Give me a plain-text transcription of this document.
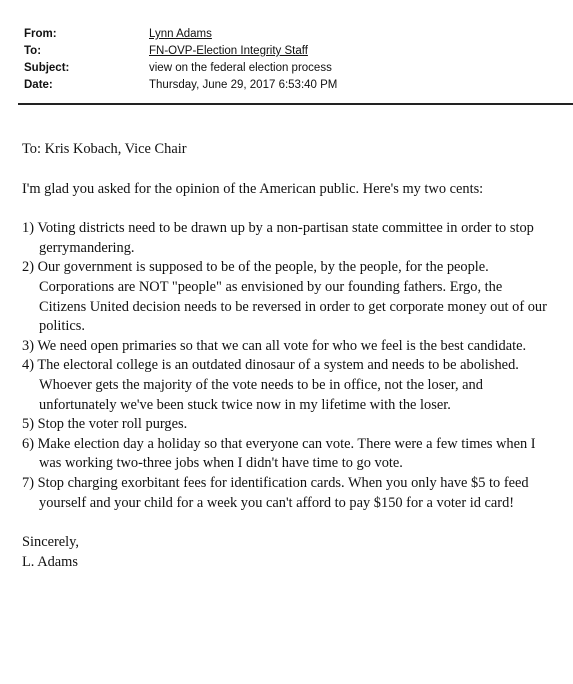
From:	Lynn Adams
To:	FN-OVP-Election Integrity Staff
Subject:	view on the federal election process
Date:	Thursday, June 29, 2017 6:53:40 PM

To: Kris Kobach, Vice Chair

I'm glad you asked for the opinion of the American public. Here's my two cents:

1) Voting districts need to be drawn up by a non-partisan state committee in order to stop gerrymandering.
2) Our government is supposed to be of the people, by the people, for the people. Corporations are NOT "people" as envisioned by our founding fathers. Ergo, the Citizens United decision needs to be reversed in order to get corporate money out of our politics.
3) We need open primaries so that we can all vote for who we feel is the best candidate.
4) The electoral college is an outdated dinosaur of a system and needs to be abolished. Whoever gets the majority of the vote needs to be in office, not the loser, and unfortunately we've been stuck twice now in my lifetime with the loser.
5) Stop the voter roll purges.
6) Make election day a holiday so that everyone can vote. There were a few times when I was working two-three jobs when I didn't have time to go vote.
7) Stop charging exorbitant fees for identification cards. When you only have $5 to feed yourself and your child for a week you can't afford to pay $150 for a voter id card!

Sincerely,

L. Adams
